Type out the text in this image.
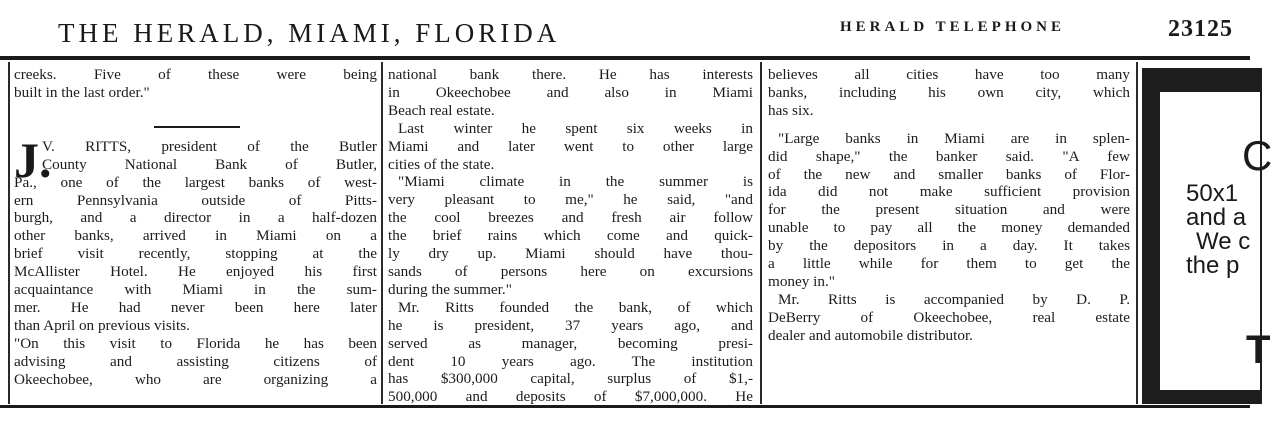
THE HERALD, MIAMI, FLORIDA	HERALD TELEPHONE	23125
creeks. Five of these were being
built in the last order."
V. RITTS, president of the Butler
County National Bank of Butler,
Pa., one of the largest banks of west-
ern Pennsylvania outside of Pitts-
burgh, and a director in a half-dozen
other banks, arrived in Miami on a
brief visit recently, stopping at the
McAllister Hotel. He enjoyed his first
acquaintance with Miami in the sum-
mer. He had never been here later
than April on previous visits.
"On this visit to Florida he has been
advising and assisting citizens of
Okeechobee, who are organizing a
J.
national bank there. He has interests
in Okeechobee and also in Miami
Beach real estate.
Last winter he spent six weeks in
Miami and later went to other large
cities of the state.
"Miami climate in the summer is
very pleasant to me," he said, "and
the cool breezes and fresh air follow
the brief rains which come and quick-
ly dry up. Miami should have thou-
sands of persons here on excursions
during the summer."
Mr. Ritts founded the bank, of which
he is president, 37 years ago, and
served as manager, becoming presi-
dent 10 years ago. The institution
has $300,000 capital, surplus of $1,-
500,000 and deposits of $7,000,000. He
believes all cities have too many
banks, including his own city, which
has six.
"Large banks in Miami are in splen-
did shape," the banker said. "A few
of the new and smaller banks of Flor-
ida did not make sufficient provision
for the present situation and were
unable to pay all the money demanded
by the depositors in a day. It takes
a little while for them to get the
money in."
Mr. Ritts is accompanied by D. P.
DeBerry of Okeechobee, real estate
dealer and automobile distributor.
C
50x1
and a
We c
the p
T
